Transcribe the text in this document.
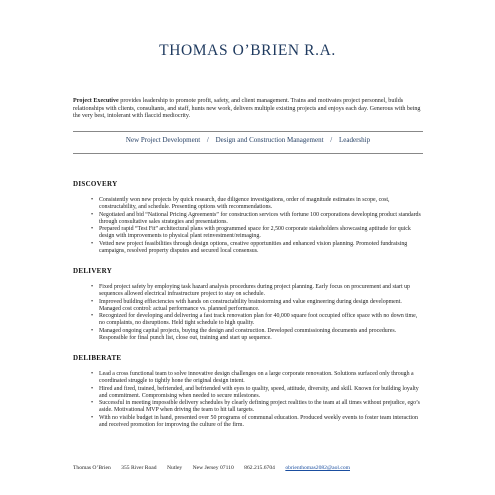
THOMAS O’BRIEN R.A.
Project Executive provides leadership to promote profit, safety, and client management. Trains and motivates project personnel, builds relationships with clients, consultants, and staff, hunts new work, delivers multiple existing projects and enjoys each day. Generous with being the very best, intolerant with flaccid mediocrity.
New Project Development / Design and Construction Management / Leadership
DISCOVERY
• Consistently won new projects by quick research, due diligence investigations, order of magnitude estimates in scope, cost, constructability, and schedule. Presenting options with recommendations.
• Negotiated and bid “National Pricing Agreements” for construction services with fortune 100 corporations developing product standards through consultative sales strategies and presentations.
• Prepared rapid “Test Fit” architectural plans with programmed space for 2,500 corporate stakeholders showcasing aptitude for quick design with improvements to physical plant reinvestment/reimaging.
• Vetted new project feasibilities through design options, creative opportunities and enhanced vision planning. Promoted fundraising campaigns, resolved property disputes and secured local consensus.
DELIVERY
• Fixed project safety by employing task hazard analysis procedures during project planning. Early focus on procurement and start up sequences allowed electrical infrastructure project to stay on schedule.
• Improved building effieciencies with hands on constructability brainstorming and value engineering during design development. Managed cost control: actual performance vs. planned performance.
• Recognized for developing and delivering a fast track renovation plan for 40,000 square foot occupied office space with no down time, no complaints, no disruptions. Held tight schedule to high quality.
• Managed ongoing capital projects, buying the design and construction. Developed commissioning documents and procedures. Responsible for final punch list, close out, training and start up sequence.
DELIBERATE
• Lead a cross functional team to solve innovative design challenges on a large corporate renovation. Solutions surfaced only through a coordinated struggle to tightly hone the original design intent.
• Hired and fired, trained, befriended, and befriended with eyes to quality, speed, attitude, diversity, and skill. Known for building loyalty and commitment. Compromising when needed to secure milestones.
• Successful in meeting impossible delivery schedules by clearly defining project realities to the team at all times without prejudice, ego’s aside. Motivational MVP when driving the team to hit tall targets.
• With no visible budget in hand, presented over 50 programs of communal education. Produced weekly events to foster team interaction and received promotion for improving the culture of the firm.
Thomas O’Brien 355 River Road Nutley New Jersey 07110 862.215.6704 obrienthomas2082@aol.com
